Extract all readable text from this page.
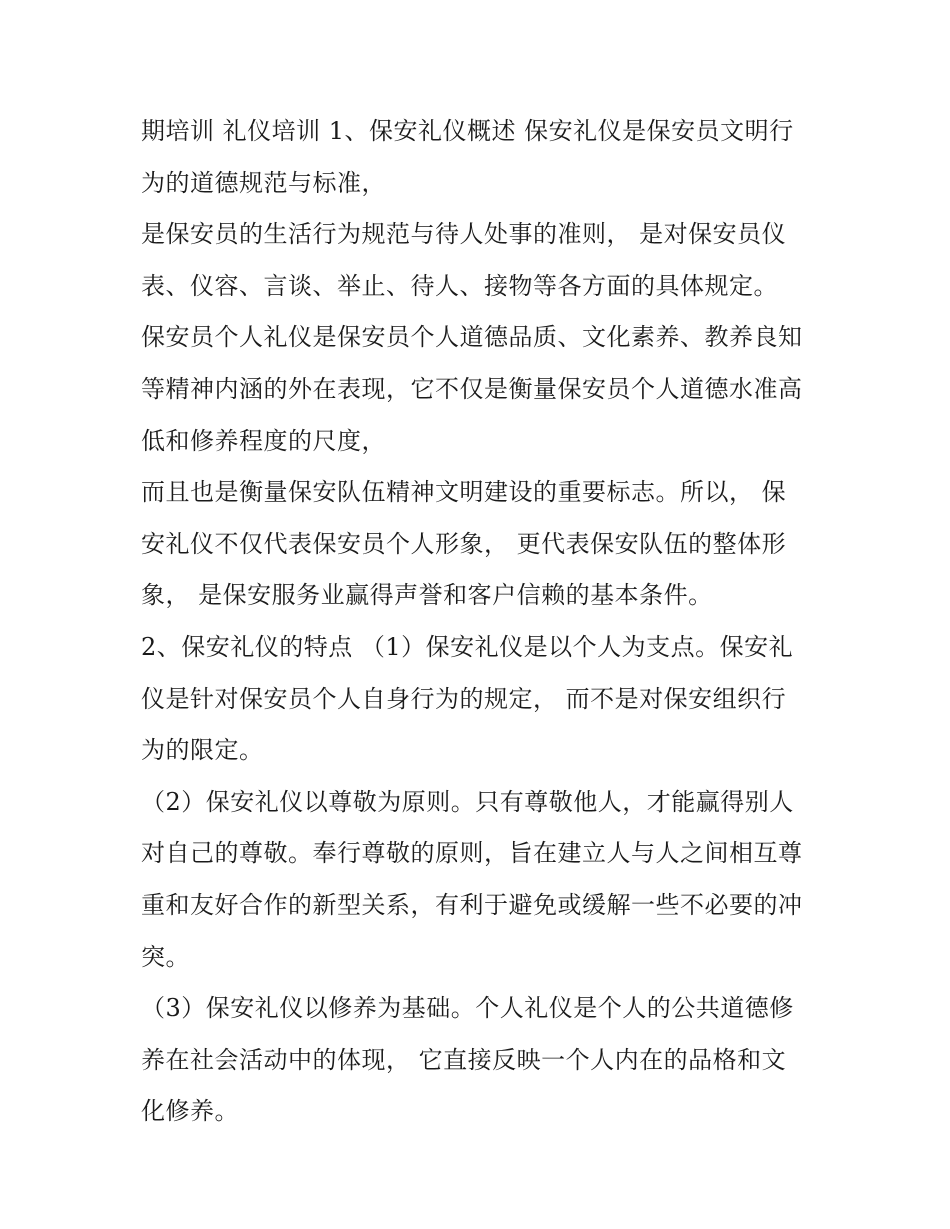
期培训 礼仪培训 1、保安礼仪概述 保安礼仪是保安员文明行
为的道德规范与标准，
是保安员的生活行为规范与待人处事的准则， 是对保安员仪
表、仪容、言谈、举止、待人、接物等各方面的具体规定。
保安员个人礼仪是保安员个人道德品质、文化素养、教养良知
等精神内涵的外在表现，它不仅是衡量保安员个人道德水准高
低和修养程度的尺度，
而且也是衡量保安队伍精神文明建设的重要标志。所以， 保
安礼仪不仅代表保安员个人形象， 更代表保安队伍的整体形
象， 是保安服务业赢得声誉和客户信赖的基本条件。
2、保安礼仪的特点 （1）保安礼仪是以个人为支点。保安礼
仪是针对保安员个人自身行为的规定， 而不是对保安组织行
为的限定。
（2）保安礼仪以尊敬为原则。只有尊敬他人，才能赢得别人
对自己的尊敬。奉行尊敬的原则，旨在建立人与人之间相互尊
重和友好合作的新型关系，有利于避免或缓解一些不必要的冲
突。
（3）保安礼仪以修养为基础。个人礼仪是个人的公共道德修
养在社会活动中的体现， 它直接反映一个人内在的品格和文
化修养。
